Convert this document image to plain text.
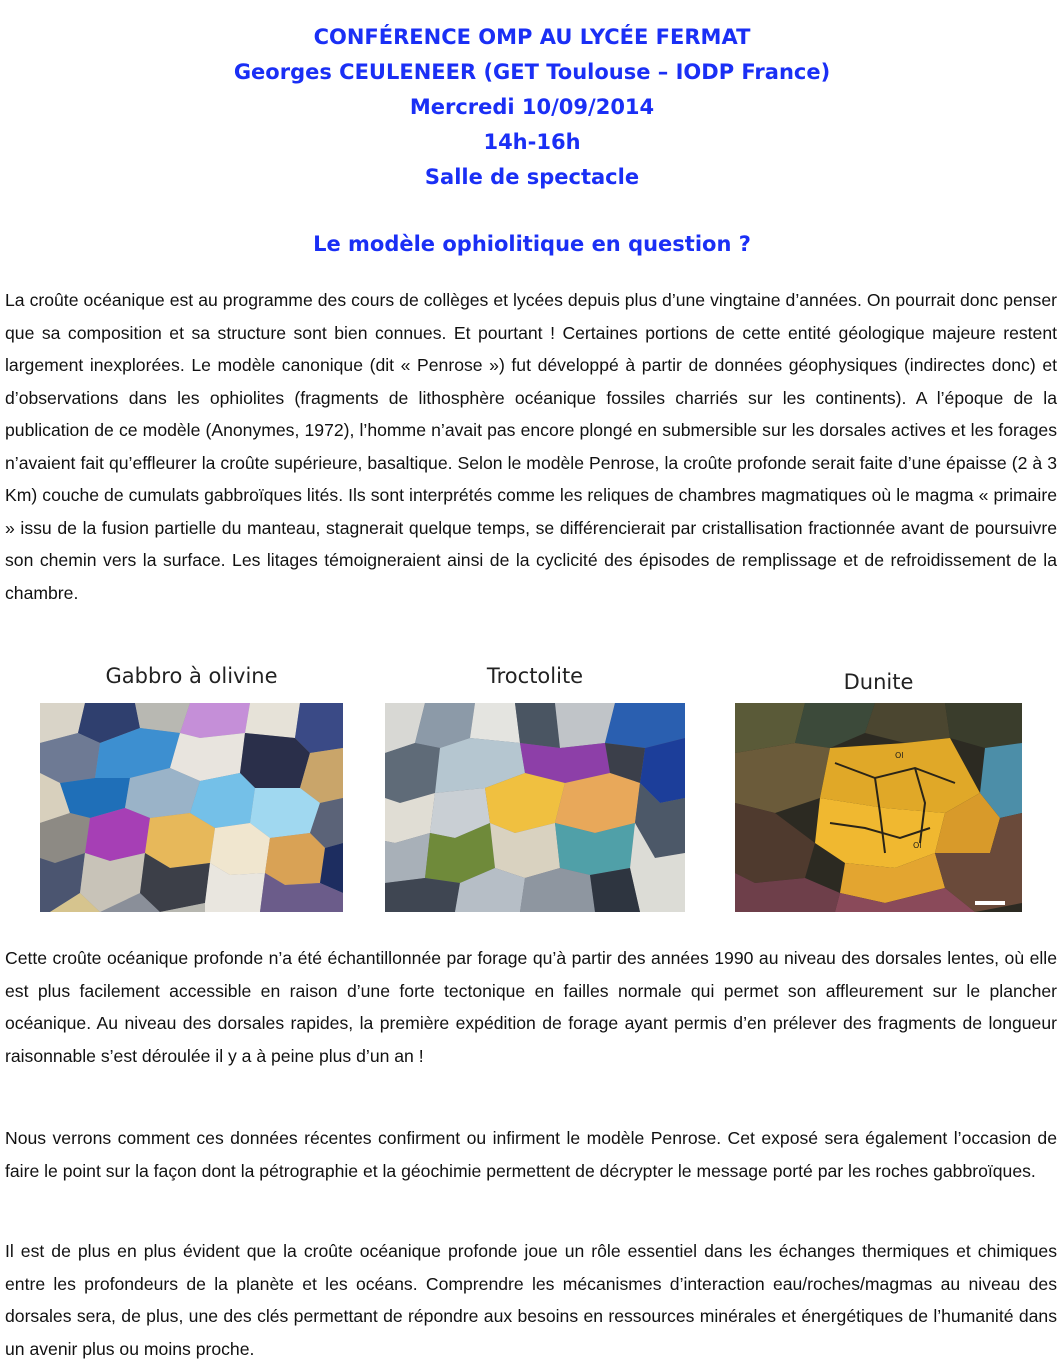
CONFÉRENCE OMP AU LYCÉE FERMAT
Georges CEULENEER (GET Toulouse – IODP France)
Mercredi 10/09/2014
14h-16h
Salle de spectacle
Le modèle ophiolitique en question ?

La croûte océanique est au programme des cours de collèges et lycées depuis plus d’une vingtaine d’années. On pourrait donc penser que sa composition et sa structure sont bien connues. Et pourtant ! Certaines portions de cette entité géologique majeure restent largement inexplorées. Le modèle canonique (dit « Penrose ») fut développé à partir de données géophysiques (indirectes donc) et d’observations dans les ophiolites (fragments de lithosphère océanique fossiles charriés sur les continents). A l’époque de la publication de ce modèle (Anonymes, 1972), l’homme n’avait pas encore plongé en submersible sur les dorsales actives et les forages n’avaient fait qu’effleurer la croûte supérieure, basaltique. Selon le modèle Penrose, la croûte profonde serait faite d’une épaisse (2 à 3 Km) couche de cumulats gabbroïques lités. Ils sont interprétés comme les reliques de chambres magmatiques où le magma « primaire » issu de la fusion partielle du manteau, stagnerait quelque temps, se différencierait par cristallisation fractionnée avant de poursuivre son chemin vers la surface. Les litages témoigneraient ainsi de la cyclicité des épisodes de remplissage et de refroidissement de la chambre.

Gabbro à olivine	Troctolite	Dunite
Ol
Ol

Cette croûte océanique profonde n’a été échantillonnée par forage qu’à partir des années 1990 au niveau des dorsales lentes, où elle est plus facilement accessible en raison d’une forte tectonique en failles normale qui permet son affleurement sur le plancher océanique. Au niveau des dorsales rapides, la première expédition de forage ayant permis d’en prélever des fragments de longueur raisonnable s’est déroulée il y a à peine plus d’un an !

Nous verrons comment ces données récentes confirment ou infirment le modèle Penrose. Cet exposé sera également l’occasion de faire le point sur la façon dont la pétrographie et la géochimie permettent de décrypter le message porté par les roches gabbroïques.

Il est de plus en plus évident que la croûte océanique profonde joue un rôle essentiel dans les échanges thermiques et chimiques entre les profondeurs de la planète et les océans. Comprendre les mécanismes d’interaction eau/roches/magmas au niveau des dorsales sera, de plus, une des clés permettant de répondre aux besoins en ressources minérales et énergétiques de l’humanité dans un avenir plus ou moins proche.
